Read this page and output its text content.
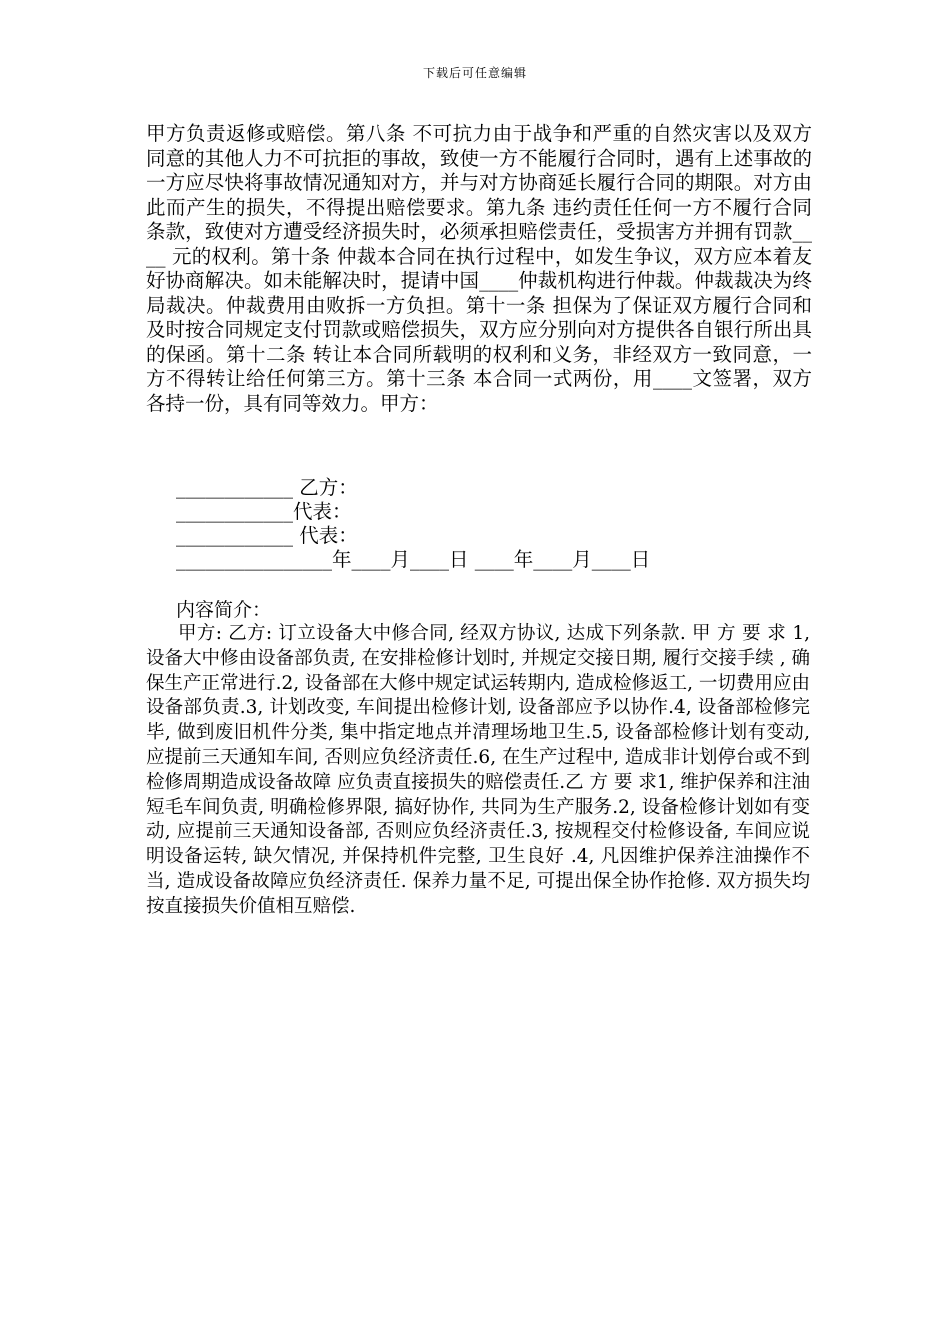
下载后可任意编辑

甲方负责返修或赔偿。第八条 不可抗力由于战争和严重的自然灾害以及双方同意的其他人力不可抗拒的事故，致使一方不能履行合同时，遇有上述事故的一方应尽快将事故情况通知对方，并与对方协商延长履行合同的期限。对方由此而产生的损失，不得提出赔偿要求。第九条 违约责任任何一方不履行合同条款，致使对方遭受经济损失时，必须承担赔偿责任，受损害方并拥有罚款____ 元的权利。第十条 仲裁本合同在执行过程中，如发生争议，双方应本着友好协商解决。如未能解决时，提请中国____仲裁机构进行仲裁。仲裁裁决为终局裁决。仲裁费用由败拆一方负担。第十一条 担保为了保证双方履行合同和及时按合同规定支付罚款或赔偿损失，双方应分别向对方提供各自银行所出具的保函。第十二条 转让本合同所载明的权利和义务，非经双方一致同意，一方不得转让给任何第三方。第十三条 本合同一式两份，用____文签署，双方各持一份，具有同等效力。甲方：

____________ 乙方：

____________代表：

____________ 代表：

________________年____月____日 ____年____月____日

内容简介：

甲方: 乙方: 订立设备大中修合同, 经双方协议, 达成下列条款. 甲 方 要 求 1, 设备大中修由设备部负责, 在安排检修计划时, 并规定交接日期, 履行交接手续 , 确保生产正常进行.2, 设备部在大修中规定试运转期内, 造成检修返工, 一切费用应由设备部负责.3, 计划改变, 车间提出检修计划, 设备部应予以协作.4, 设备部检修完毕, 做到废旧机件分类, 集中指定地点并清理场地卫生.5, 设备部检修计划有变动, 应提前三天通知车间, 否则应负经济责任.6, 在生产过程中, 造成非计划停台或不到检修周期造成设备故障 应负责直接损失的赔偿责任.乙 方 要 求1, 维护保养和注油短毛车间负责, 明确检修界限, 搞好协作, 共同为生产服务.2, 设备检修计划如有变动, 应提前三天通知设备部, 否则应负经济责任.3, 按规程交付检修设备, 车间应说明设备运转, 缺欠情况, 并保持机件完整, 卫生良好 .4, 凡因维护保养注油操作不当, 造成设备故障应负经济责任. 保养力量不足, 可提出保全协作抢修. 双方损失均按直接损失价值相互赔偿.
